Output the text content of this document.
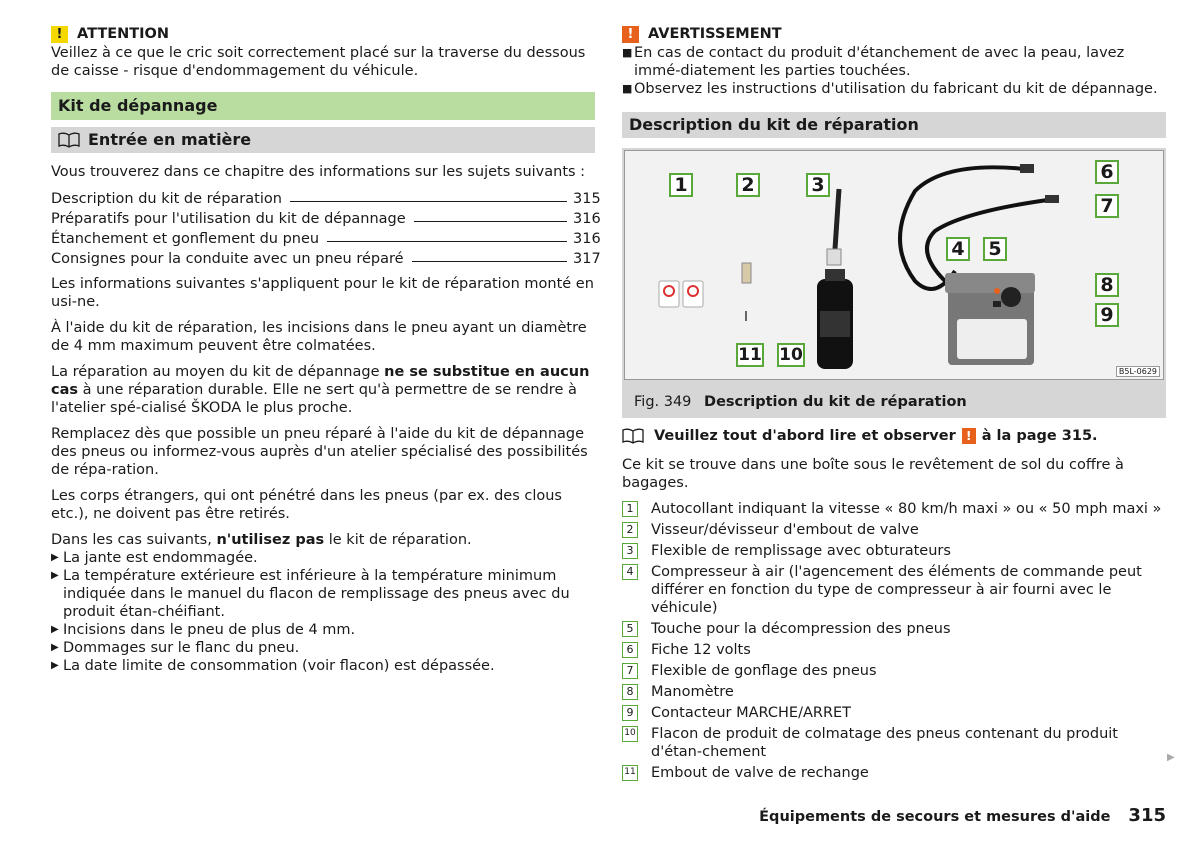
!	ATTENTION

Veillez à ce que le cric soit correctement placé sur la traverse du dessous de caisse - risque d'endommagement du véhicule.

Kit de dépannage
Entrée en matière

Vous trouverez dans ce chapitre des informations sur les sujets suivants :

Description du kit de réparation	315
Préparatifs pour l'utilisation du kit de dépannage	316
Étanchement et gonflement du pneu	316
Consignes pour la conduite avec un pneu réparé	317

Les informations suivantes s'appliquent pour le kit de réparation monté en usi-ne.

À l'aide du kit de réparation, les incisions dans le pneu ayant un diamètre de 4 mm maximum peuvent être colmatées.

La réparation au moyen du kit de dépannage ne se substitue en aucun cas à une réparation durable. Elle ne sert qu'à permettre de se rendre à l'atelier spé-cialisé ŠKODA le plus proche.

Remplacez dès que possible un pneu réparé à l'aide du kit de dépannage des pneus ou informez-vous auprès d'un atelier spécialisé des possibilités de répa-ration.

Les corps étrangers, qui ont pénétré dans les pneus (par ex. des clous etc.), ne doivent pas être retirés.

Dans les cas suivants, n'utilisez pas le kit de réparation.

▶ La jante est endommagée.
▶ La température extérieure est inférieure à la température minimum indiquée dans le manuel du flacon de remplissage des pneus avec du produit étan-chéifiant.
▶ Incisions dans le pneu de plus de 4 mm.
▶ Dommages sur le flanc du pneu.
▶ La date limite de consommation (voir flacon) est dépassée.
!	AVERTISSEMENT
■ En cas de contact du produit d'étanchement de avec la peau, lavez immé-diatement les parties touchées.
■ Observez les instructions d'utilisation du fabricant du kit de dépannage.
Description du kit de réparation
B5L-0629
1	2	3
4 5
6
7
8
9
10
11
Fig. 349 Description du kit de réparation
Veuillez tout d'abord lire et observer ! à la page 315.

Ce kit se trouve dans une boîte sous le revêtement de sol du coffre à bagages.

1	Autocollant indiquant la vitesse « 80 km/h maxi » ou « 50 mph maxi »
2	Visseur/dévisseur d'embout de valve
3	Flexible de remplissage avec obturateurs
4	Compresseur à air (l'agencement des éléments de commande peut différer en fonction du type de compresseur à air fourni avec le véhicule)
5	Touche pour la décompression des pneus
6	Fiche 12 volts
7	Flexible de gonflage des pneus
8	Manomètre
9	Contacteur MARCHE/ARRET
10 Flacon de produit de colmatage des pneus contenant du produit d'étan-chement
11 Embout de valve de rechange
▶
Équipements de secours et mesures d'aide 315
